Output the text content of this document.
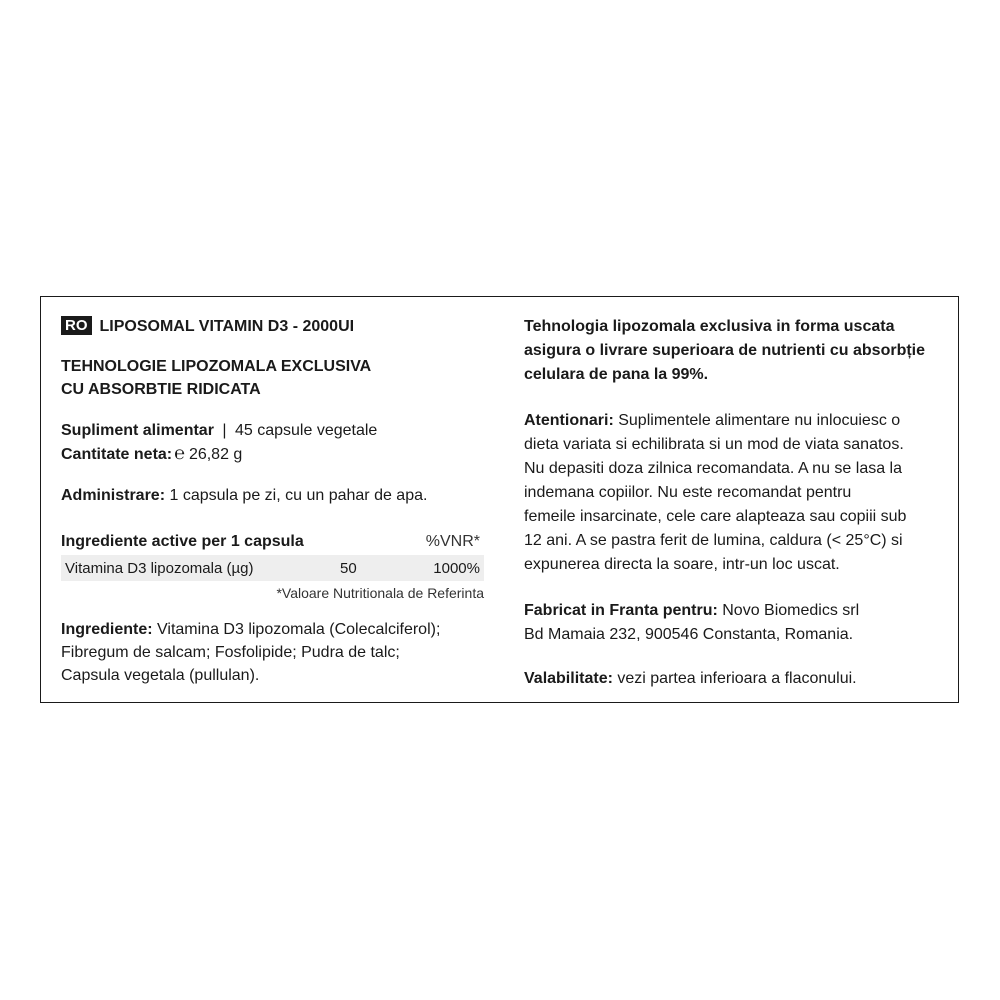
RO LIPOSOMAL VITAMIN D3 - 2000UI

TEHNOLOGIE LIPOZOMALA EXCLUSIVA

CU ABSORBTIE RIDICATA

Supliment alimentar | 45 capsule vegetale

Cantitate neta: ℮ 26,82 g

Administrare: 1 capsula pe zi, cu un pahar de apa.

Ingrediente active per 1 capsula	%VNR*
Vitamina D3 lipozomala (µg)	50	1000%
*Valoare Nutritionala de Referinta

Ingrediente: Vitamina D3 lipozomala (Colecalciferol);

Fibregum de salcam; Fosfolipide; Pudra de talc;

Capsula vegetala (pullulan).

Tehnologia lipozomala exclusiva in forma uscata

asigura o livrare superioara de nutrienti cu absorbție

celulara de pana la 99%.

Atentionari: Suplimentele alimentare nu inlocuiesc o

dieta variata si echilibrata si un mod de viata sanatos.

Nu depasiti doza zilnica recomandata. A nu se lasa la

indemana copiilor. Nu este recomandat pentru

femeile insarcinate, cele care alapteaza sau copiii sub

12 ani. A se pastra ferit de lumina, caldura (< 25°C) si

expunerea directa la soare, intr-un loc uscat.

Fabricat in Franta pentru: Novo Biomedics srl

Bd Mamaia 232, 900546 Constanta, Romania.

Valabilitate: vezi partea inferioara a flaconului.
